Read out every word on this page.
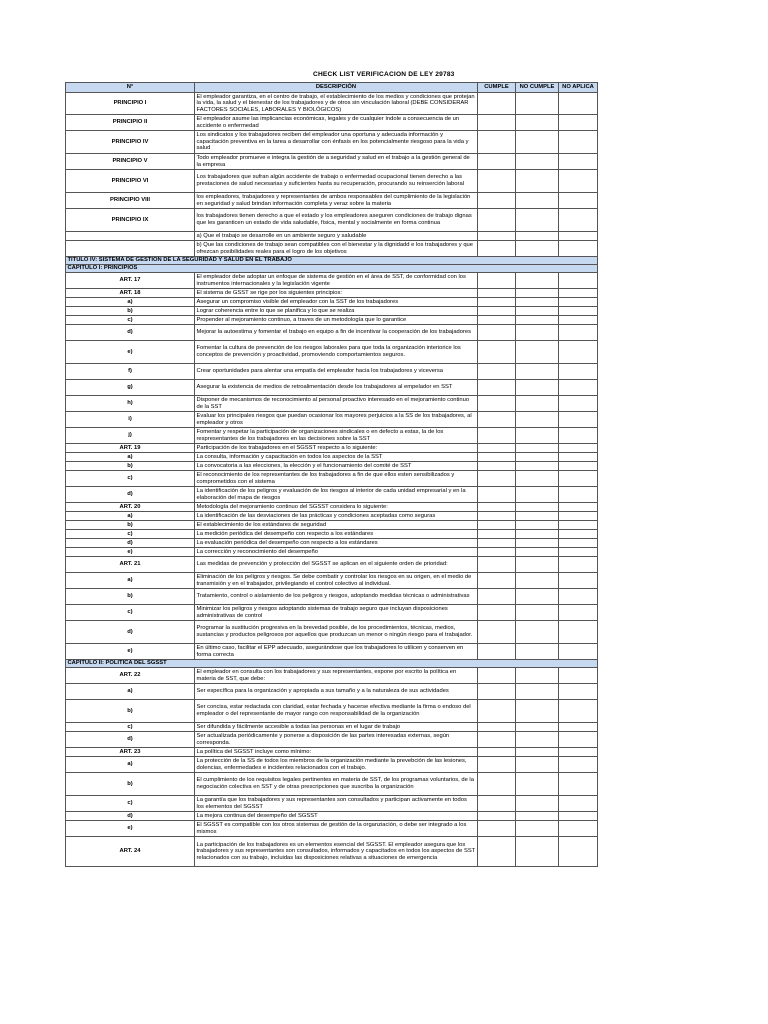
CHECK LIST VERIFICACION DE LEY 29783
N°	DESCRIPCIÓN	CUMPLE	NO CUMPLE	NO APLICA
PRINCIPIO I	El empleador garantiza, en el centro de trabajo, el establecimiento de los medios y condiciones que protejan la vida, la salud y el bienestar de los trabajadores y de otros sin vinculación laboral (DEBE CONSIDERAR FACTORES SOCIALES, LABORALES Y BIOLÓGICOS)			
PRINCIPIO II	El empleador asume las implicancias económicas, legales y de cualquier índole a consecuencia de un accidente o enfermedad			
PRINCIPIO IV	Los sindicatos y los trabajadores reciben del empleador una oportuna y adecuada información y capacitación preventiva en la tarea a desarrollar con énfasis en los potencialmente riesgoso para la vida y salud			
PRINCIPIO V	Todo empleador promueve e integra la gestión de a seguridad y salud en el trabajo a la gestión general de la empresa			
PRINCIPIO VI	Los trabajadores que sufran algún accidente de trabajo o enfermedad ocupacional tienen derecho a las prestaciones de salud necesarias y suficientes hasta su recuperación, procurando su reinserción laboral			
PRINCIPIO VIII	los empleadores, trabajadores y representantes de ambos responsables del cumplimiento de la legislación en seguridad y salud brindan información completa y veraz sobre la materia			
PRINCIPIO IX	los trabajadores tienen derecho a que el estado y los empleadores aseguren condiciones de trabajo dignas que les garanticen un estado de vida saludable, física, mental y socialmente en forma continua			
	a) Que el trabajo se desarrolle en un ambiente seguro y saludable			
	b) Que las condiciones de trabajo sean compatibles con el bienestar y la dignidadd e los trabajadores y que ofrezcan posibilidades reales para el logro de los objetivos			
TÍTULO IV: SISTEMA DE GESTIÓN DE LA SEGURIDAD Y SALUD EN EL TRABAJO				
CAPÍTULO I: PRINCIPIOS				
ART. 17	El empleador debe adoptar un enfoque de sistema de gestión en el área de SST, de conformidad con los instrumentos internacionales y la legislación vigente			
ART. 18	El sistema de GSST se rige por los siguientes principios:			
a)	Asegurar un compromiso visible del empleador con la SST de los trabajadores			
b)	Lograr coherencia entre lo que se planifica y lo que se realiza			
c)	Propender al mejoramiento continuo, a traves de un metodología que lo garantice			
d)	Mejorar la autoestima y fomentar el trabajo en equipo a fin de incentivar la cooperación de los trabajadores			
e)	Fomentar la cultura de prevención de los riesgos laborales para que toda la organización interiorice los conceptos de prevención y proactividad, promoviendo comportamientos seguros.			
f)	Crear oportunidades para alentar una empatía del empleador hacia los trabajadores y viceversa			
g)	Asegurar la existencia de medios de retroalimentación desde los trabajadores al empelador en SST			
h)	Disponer de mecanismos de reconocimiento al personal proactivo interesado en el mejoramiento continuo de la SST			
i)	Evaluar los principales riesgos que puedan ocasionar los mayores perjuicios a la SS de los trabajadores, al empleador y otros			
j)	Fomentar y respetar la participación de organizaciones sindicales o en defecto a estas, la de los respresentantes de los trabajadores en las decisiones sobre la SST			
ART. 19	Participación de los trabajadores en el SGSST respecto a lo siguiente:			
a)	La consulta, información y capacitación en todos los aspectos de la SST			
b)	La convocatoria a las elecciones, la elección y el funcionamiento del comité de SST			
c)	El reconocimiento de los representantes de los trabajadores a fin de que ellos esten sensibilizados y comprometidos con el sistema			
d)	La identificación de los peligros y evaluación de los riesgos al interior de cada unidad empresarial y en la elaboración del mapa de riesgos			
ART. 20	Metodología del mejoramiento continuo del SGSST considera lo siguiente:			
a)	La identificación de las desviaciones de las prácticas y condiciones aceptadas como seguras			
b)	El establecimiento de los estándares de seguridad			
c)	La medición periódica del desempeño con respecto a los estándares			
d)	La evaluación periódica del desempeño con respecto a los estándares			
e)	La corrección y reconocimiento del desempeño			
ART. 21	Las medidas de prevención y protección del SGSST se aplican en el siguiente orden de prioridad:			
a)	Eliminación de los peligros y riesgos. Se debe combatir y controlar los riesgos en su origen, en el medio de transmisión y en el trabajador, privilegiando el control colectivo al individual.			
b)	Tratamiento, control o aislamiento de los peligros y riesgos, adoptando medidas técnicas o administrativas			
c)	Minimizar los peligros y riesgos adoptando sistemas de trabajo seguro que incluyan disposiciones administrativas de control			
d)	Programar la sustitución progresiva en la brevedad posible, de los procedimientos, técnicas, medios, sustancias y productos peligrosos por aquellos que produzcan un menor o ningún riesgo para el trabajador.			
e)	En último caso, facilitar el EPP adecuado, asegurándose que los trabajadores lo utilicen y conserven en forma correcta			
CAPÍTULO II: POLÍTICA DEL SGSST				
ART. 22	El empleador en consulta con los trabajadores y sus representantes, expone por escrito la política en materia de SST, que debe:			
a)	Ser específica para la organización y apropiada a sus tamaño y a la naturaleza de sus actividades			
b)	Ser concisa, estar redactada con claridad, estar fechada y hacerse efectiva mediante la firma o endoso del empleador o del representante de mayor rango con responsabilidad de la organización			
c)	Ser difundida y fácilmente accesible a todas las personas en el lugar de trabajo			
d)	Ser actualizada periódicamente y ponerse a disposición de las partes interesadas externas, según corresponda.			
ART. 23	La política del SGSST incluye como mínimo:			
a)	La protección de la SS de todos los miembros de la organización mediante la prevebción de las lesiones, dolencias, enfermedades e incidentes relacionados con el trabajo.			
b)	El cumplimiento de los requisitos legales pertinentes en materia de SST, de los programas voluntarios, de la negociación colectiva en SST y de otras prescripciones que suscriba la organización			
c)	La garantía que los trabajadores y sus representantes son consultados y participan activamente en todos los elementos del SGSST			
d)	La mejora continua del desempeño del SGSST			
e)	El SGSST es compatible con los otros sistemas de gestión de la organziación, o debe ser integrado a los mismos			
ART. 24	La participación de los trabajadores es un elementos esencial del SGSST. El empleador asegura que los trabajadores y sus representantes son consultados, informados y capacitados en todos los aspectos de SST relacionados con su trabajo, incluidas las disposiciones relativas a situaciones de emergencia			
